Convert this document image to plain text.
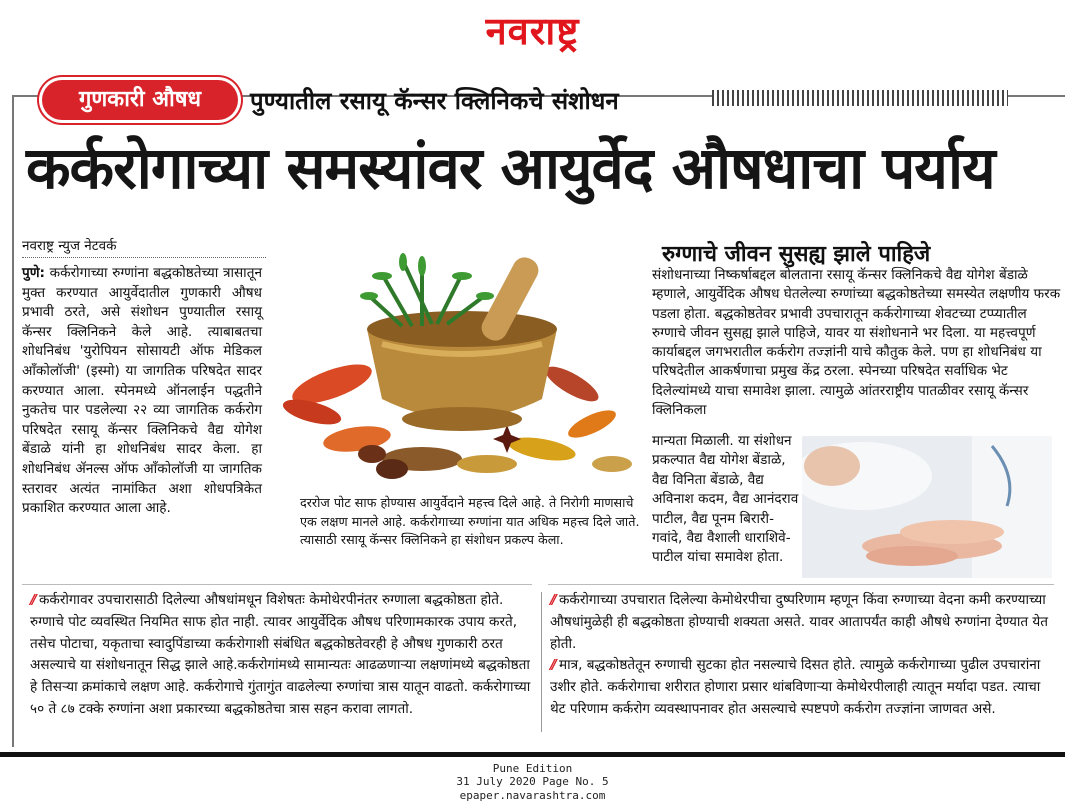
नवराष्ट्र
गुणकारी औषध	पुण्यातील रसायू कॅन्सर क्लिनिकचे संशोधन
कर्करोगाच्या समस्यांवर आयुर्वेद औषधाचा पर्याय
नवराष्ट्र न्युज नेटवर्क
पुणे: कर्करोगाच्या रुग्णांना बद्धकोष्ठतेच्या त्रासातून मुक्त करण्यात आयुर्वेदातील गुणकारी औषध प्रभावी ठरते, असे संशोधन पुण्यातील रसायू कॅन्सर क्लिनिकने केले आहे. त्याबाबतचा शोधनिबंध 'युरोपियन सोसायटी ऑफ मेडिकल ऑंकोलॉजी' (इस्मो) या जागतिक परिषदेत सादर करण्यात आला. स्पेनमध्ये ऑनलाईन पद्धतीने नुकतेच पार पडलेल्या २२ व्या जागतिक कर्करोग परिषदेत रसायू कॅन्सर क्लिनिकचे वैद्य योगेश बेंडाळे यांनी हा शोधनिबंध सादर केला. हा शोधनिबंध ॲनल्स ऑफ ऑंकोलॉजी या जागतिक स्तरावर अत्यंत नामांकित अशा शोधपत्रिकेत प्रकाशित करण्यात आला आहे.	दररोज पोट साफ होण्यास आयुर्वेदाने महत्त्व दिले आहे. ते निरोगी माणसाचे एक लक्षण मानले आहे. कर्करोगाच्या रुग्णांना यात अधिक महत्त्व दिले जाते. त्यासाठी रसायू कॅन्सर क्लिनिकने हा संशोधन प्रकल्प केला.
रुग्णाचे जीवन सुसह्य झाले पाहिजे
संशोधनाच्या निष्कर्षाबद्दल बोलताना रसायू कॅन्सर क्लिनिकचे वैद्य योगेश बेंडाळे म्हणाले, आयुर्वेदिक औषध घेतलेल्या रुग्णांच्या बद्धकोष्ठतेच्या समस्येत लक्षणीय फरक पडला होता. बद्धकोष्ठतेवर प्रभावी उपचारातून कर्करोगाच्या शेवटच्या टप्प्यातील रुग्णाचे जीवन सुसह्य झाले पाहिजे, यावर या संशोधनाने भर दिला. या महत्त्वपूर्ण कार्याबद्दल जगभरातील कर्करोग तज्ज्ञांनी याचे कौतुक केले. पण हा शोधनिबंध या परिषदेतील आकर्षणाचा प्रमुख केंद्र ठरला. स्पेनच्या परिषदेत सर्वाधिक भेट दिलेल्यांमध्ये याचा समावेश झाला. त्यामुळे आंतरराष्ट्रीय पातळीवर रसायू कॅन्सर क्लिनिकला
मान्यता मिळाली. या संशोधन प्रकल्पात वैद्य योगेश बेंडाळे, वैद्य विनिता बेंडाळे, वैद्य अविनाश कदम, वैद्य आनंदराव पाटील, वैद्य पूनम बिरारी-गवांदे, वैद्य वैशाली धाराशिवे-पाटील यांचा समावेश होता.
// कर्करोगावर उपचारासाठी दिलेल्या औषधांमधून विशेषतः केमोथेरपीनंतर रुग्णाला बद्धकोष्ठता होते. रुग्णाचे पोट व्यवस्थित नियमित साफ होत नाही. त्यावर आयुर्वेदिक औषध परिणामकारक उपाय करते, तसेच पोटाचा, यकृताचा स्वादुपिंडाच्या कर्करोगाशी संबंधित बद्धकोष्ठतेवरही हे औषध गुणकारी ठरत असल्याचे या संशोधनातून सिद्ध झाले आहे.कर्करोगांमध्ये सामान्यतः आढळणाऱ्या लक्षणांमध्ये बद्धकोष्ठता हे तिसऱ्या क्रमांकाचे लक्षण आहे. कर्करोगाचे गुंतागुंत वाढलेल्या रुग्णांचा त्रास यातून वाढतो. कर्करोगाच्या ५० ते ८७ टक्के रुग्णांना अशा प्रकारच्या बद्धकोष्ठतेचा त्रास सहन करावा लागतो.
// कर्करोगाच्या उपचारात दिलेल्या केमोथेरपीचा दुष्परिणाम म्हणून किंवा रुग्णाच्या वेदना कमी करण्याच्या औषधांमुळेही ही बद्धकोष्ठता होण्याची शक्यता असते. यावर आतापर्यंत काही औषधे रुग्णांना देण्यात येत होती.
// मात्र, बद्धकोष्ठतेतून रुग्णाची सुटका होत नसल्याचे दिसत होते. त्यामुळे कर्करोगाच्या पुढील उपचारांना उशीर होते. कर्करोगाचा शरीरात होणारा प्रसार थांबविणाऱ्या केमोथेरपीलाही त्यातून मर्यादा पडत. त्याचा थेट परिणाम कर्करोग व्यवस्थापनावर होत असल्याचे स्पष्टपणे कर्करोग तज्ज्ञांना जाणवत असे.
Pune Edition
31 July 2020 Page No. 5
epaper.navarashtra.com
